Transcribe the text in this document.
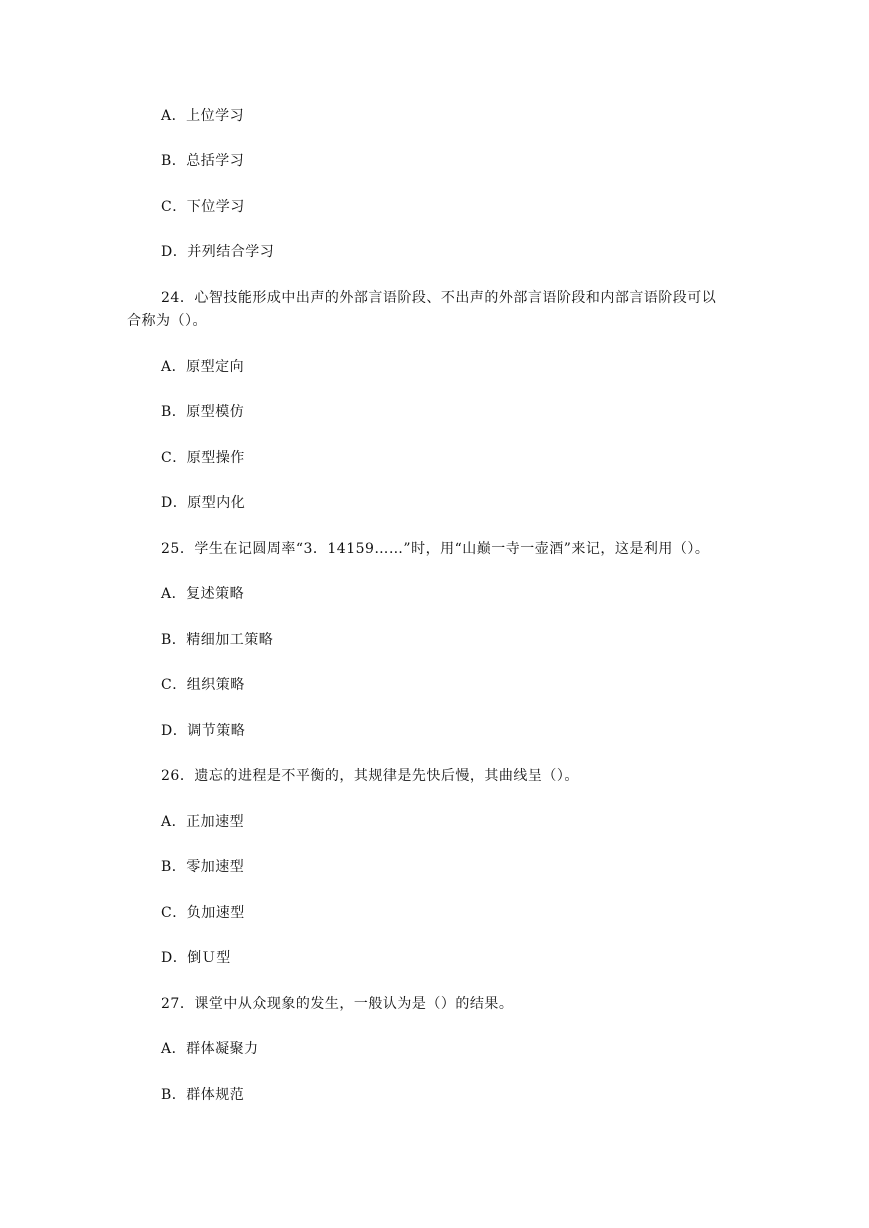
A．上位学习
B．总括学习
C．下位学习
D．并列结合学习
24．心智技能形成中出声的外部言语阶段、不出声的外部言语阶段和内部言语阶段可以
合称为（）。
A．原型定向
B．原型模仿
C．原型操作
D．原型内化
25．学生在记圆周率“3．14159……”时，用“山巅一寺一壶酒”来记，这是利用（）。
A．复述策略
B．精细加工策略
C．组织策略
D．调节策略
26．遗忘的进程是不平衡的，其规律是先快后慢，其曲线呈（）。
A．正加速型
B．零加速型
C．负加速型
D．倒Ｕ型
27．课堂中从众现象的发生，一般认为是（）的结果。
A．群体凝聚力
B．群体规范
